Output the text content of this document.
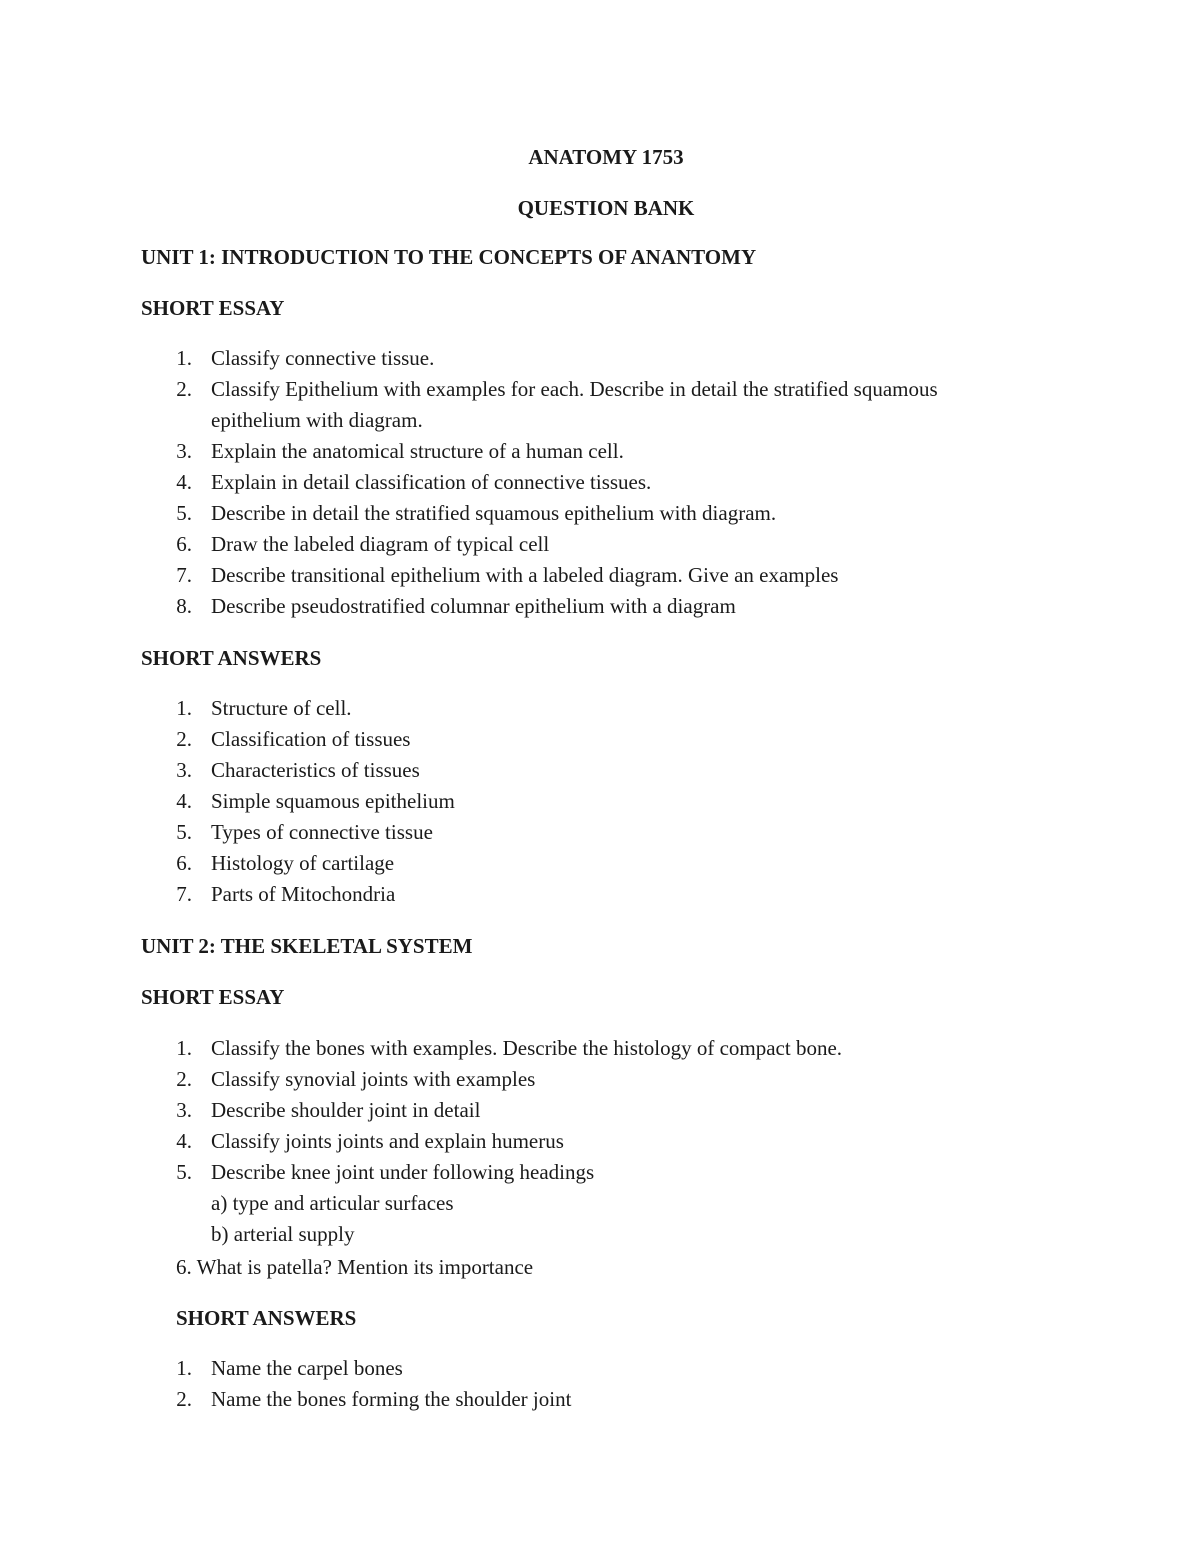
ANATOMY 1753
QUESTION BANK
UNIT 1: INTRODUCTION TO THE CONCEPTS OF ANANTOMY
SHORT ESSAY
1. Classify connective tissue.
2. Classify Epithelium with examples for each. Describe in detail the stratified squamous
epithelium with diagram.
3. Explain the anatomical structure of a human cell.
4. Explain in detail classification of connective tissues.
5. Describe in detail the stratified squamous epithelium with diagram.
6. Draw the labeled diagram of typical cell
7. Describe transitional epithelium with a labeled diagram. Give an examples
8. Describe pseudostratified columnar epithelium with a diagram
SHORT ANSWERS
1. Structure of cell.
2. Classification of tissues
3. Characteristics of tissues
4. Simple squamous epithelium
5. Types of connective tissue
6. Histology of cartilage
7. Parts of Mitochondria
UNIT 2: THE SKELETAL SYSTEM
SHORT ESSAY
1. Classify the bones with examples. Describe the histology of compact bone.
2. Classify synovial joints with examples
3. Describe shoulder joint in detail
4. Classify joints joints and explain humerus
5. Describe knee joint under following headings
a) type and articular surfaces
b) arterial supply
6. What is patella? Mention its importance
SHORT ANSWERS
1. Name the carpel bones
2. Name the bones forming the shoulder joint
